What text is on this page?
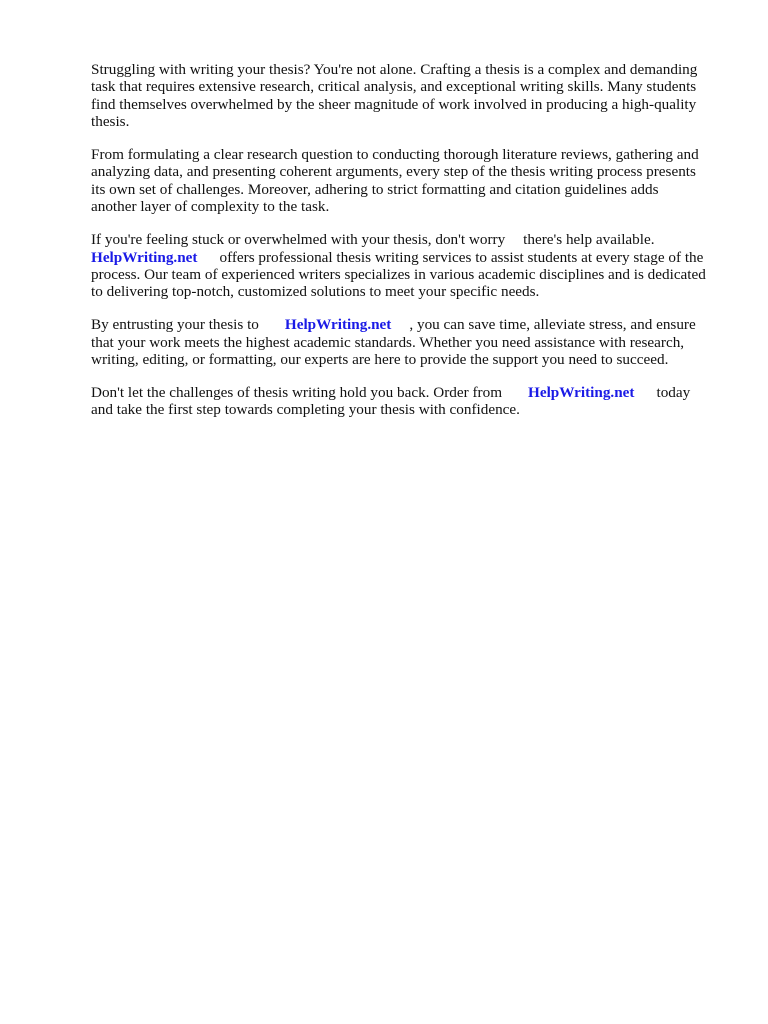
Struggling with writing your thesis? You're not alone. Crafting a thesis is a complex and demanding
task that requires extensive research, critical analysis, and exceptional writing skills. Many students
find themselves overwhelmed by the sheer magnitude of work involved in producing a high-quality
thesis.

From formulating a clear research question to conducting thorough literature reviews, gathering and
analyzing data, and presenting coherent arguments, every step of the thesis writing process presents
its own set of challenges. Moreover, adhering to strict formatting and citation guidelines adds
another layer of complexity to the task.

If you're feeling stuck or overwhelmed with your thesis, don't worry there's help available.
HelpWriting.net offers professional thesis writing services to assist students at every stage of the
process. Our team of experienced writers specializes in various academic disciplines and is dedicated
to delivering top-notch, customized solutions to meet your specific needs.

By entrusting your thesis to HelpWriting.net , you can save time, alleviate stress, and ensure
that your work meets the highest academic standards. Whether you need assistance with research,
writing, editing, or formatting, our experts are here to provide the support you need to succeed.

Don't let the challenges of thesis writing hold you back. Order from HelpWriting.net today
and take the first step towards completing your thesis with confidence.
